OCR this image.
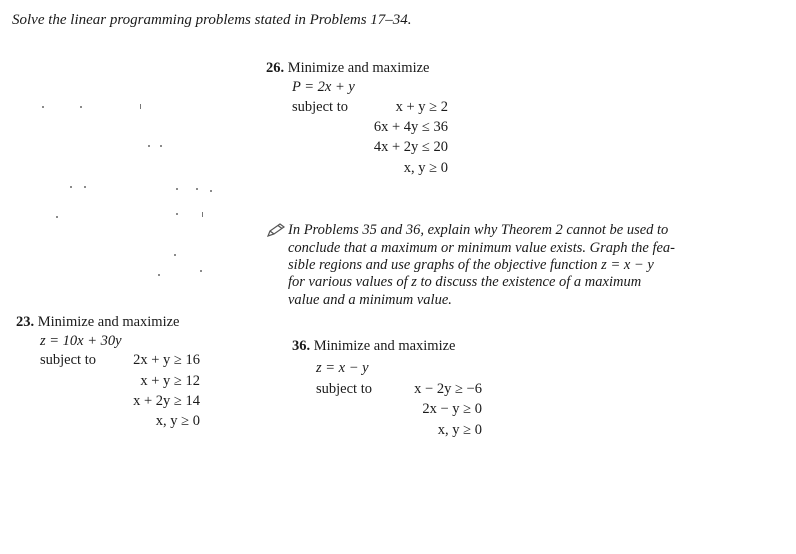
Solve the linear programming problems stated in Problems 17–34.
26. Minimize and maximize
P = 2x + y
subject to	x + y ≥ 2
6x + 4y ≤ 36
4x + 2y ≤ 20
x, y ≥ 0
In Problems 35 and 36, explain why Theorem 2 cannot be used to
conclude that a maximum or minimum value exists. Graph the fea-
sible regions and use graphs of the objective function z = x − y
for various values of z to discuss the existence of a maximum
value and a minimum value.
23. Minimize and maximize
z = 10x + 30y
subject to	2x + y ≥ 16
x + y ≥ 12
x + 2y ≥ 14
x, y ≥ 0
36. Minimize and maximize
z = x − y
subject to	x − 2y ≥ −6
2x − y ≥ 0
x, y ≥ 0
